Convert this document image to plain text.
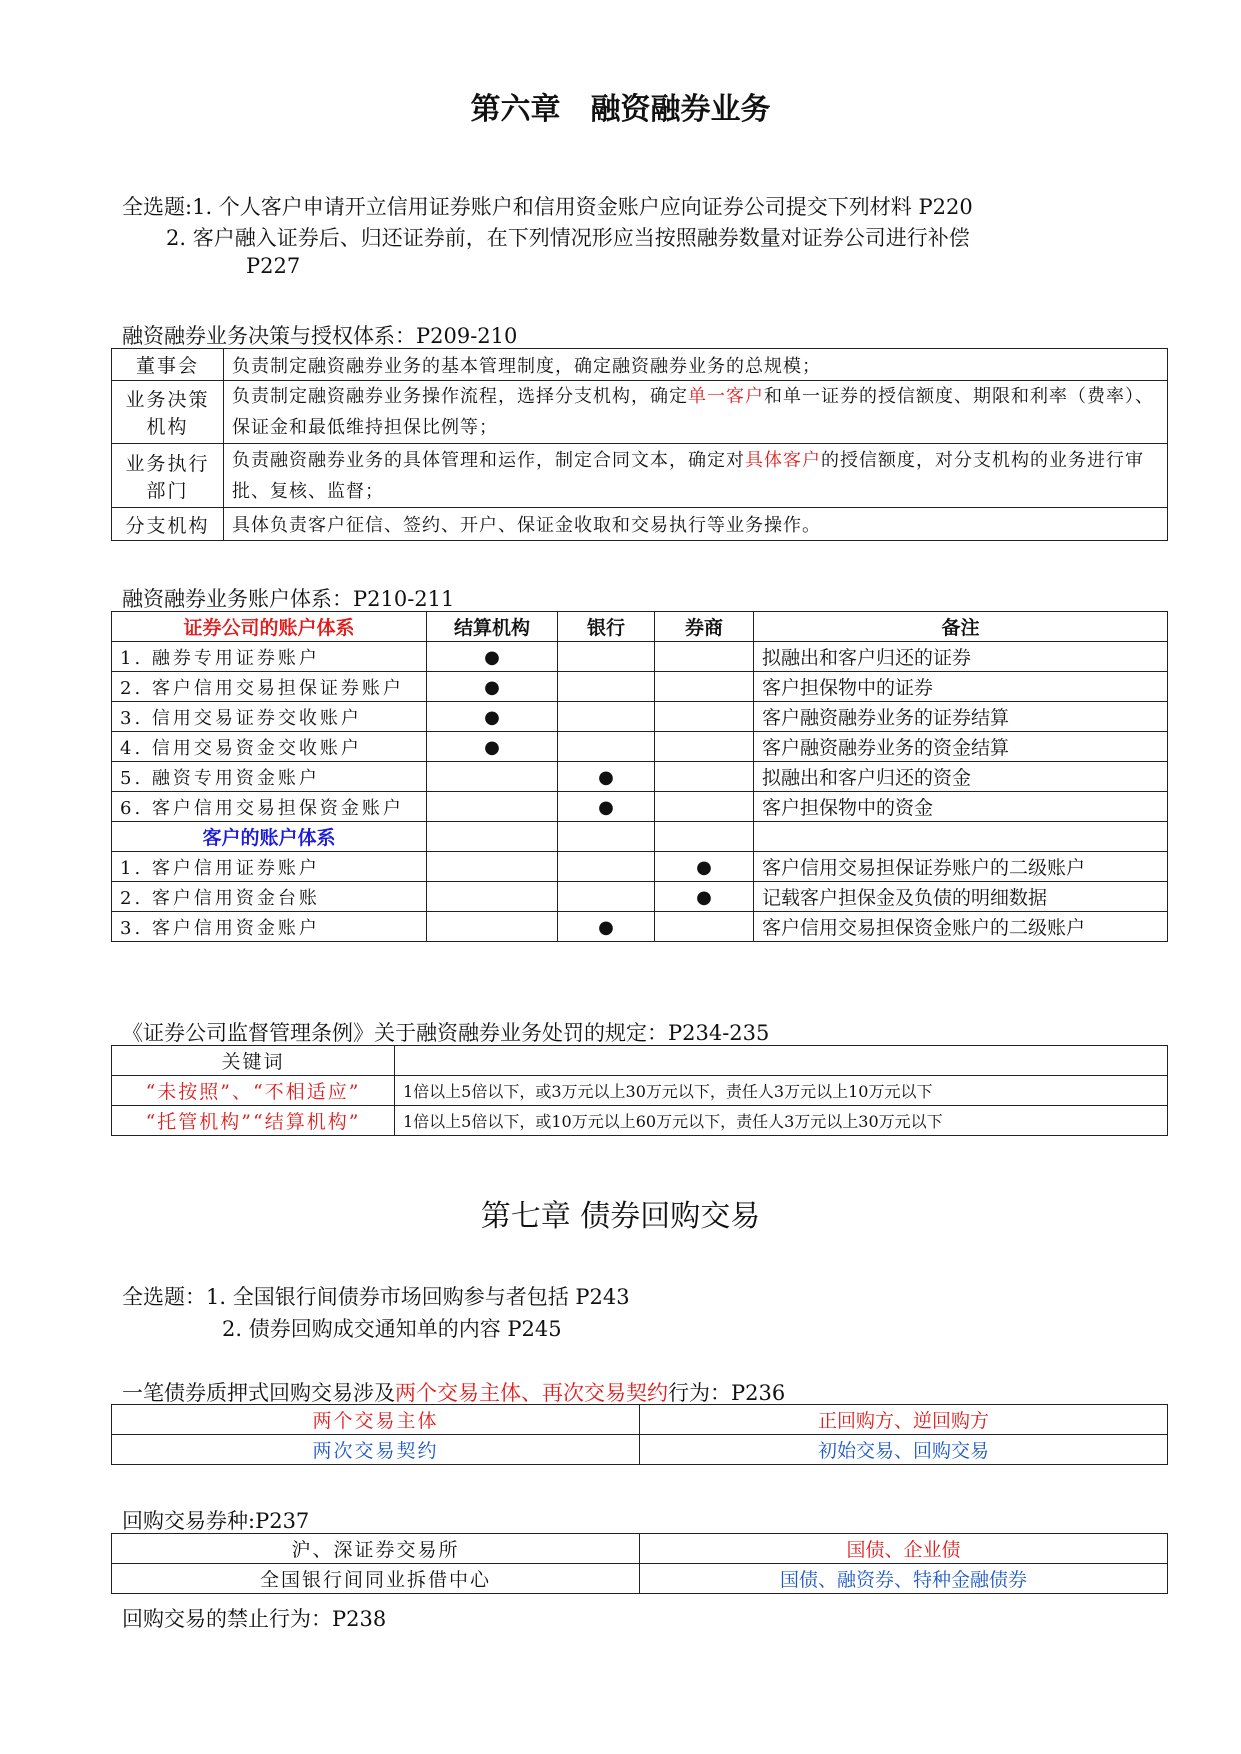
第六章　融资融券业务
全选题:1. 个人客户申请开立信用证券账户和信用资金账户应向证券公司提交下列材料 P220
2. 客户融入证券后、归还证券前，在下列情况形应当按照融券数量对证券公司进行补偿
P227
融资融券业务决策与授权体系：P209-210
董事会	负责制定融资融券业务的基本管理制度，确定融资融券业务的总规模；

业务决策
机构	负责制定融资融券业务操作流程，选择分支机构，确定单一客户和单一证券的授信额度、期限和利率（费率）、保证金和最低维持担保比例等；

业务执行
部门	负责融资融券业务的具体管理和运作，制定合同文本，确定对具体客户的授信额度，对分支机构的业务进行审批、复核、监督；
分支机构	具体负责客户征信、签约、开户、保证金收取和交易执行等业务操作。
融资融券业务账户体系：P210-211
证券公司的账户体系	结算机构	银行	券商	备注
1. 融券专用证券账户	●			拟融出和客户归还的证券
2. 客户信用交易担保证券账户	●			客户担保物中的证券
3. 信用交易证券交收账户	●			客户融资融券业务的证券结算
4. 信用交易资金交收账户	●			客户融资融券业务的资金结算
5. 融资专用资金账户		●		拟融出和客户归还的资金
6. 客户信用交易担保资金账户		●		客户担保物中的资金
客户的账户体系				
1. 客户信用证券账户			●	客户信用交易担保证券账户的二级账户
2. 客户信用资金台账			●	记载客户担保金及负债的明细数据
3. 客户信用资金账户		●		客户信用交易担保资金账户的二级账户
《证券公司监督管理条例》关于融资融券业务处罚的规定：P234-235
关键词	
“未按照”、“不相适应”	1倍以上5倍以下，或3万元以上30万元以下，责任人3万元以上10万元以下
“托管机构”“结算机构”	1倍以上5倍以下，或10万元以上60万元以下，责任人3万元以上30万元以下
第七章 债券回购交易
全选题：1. 全国银行间债券市场回购参与者包括 P243
2. 债券回购成交通知单的内容 P245
一笔债券质押式回购交易涉及两个交易主体、再次交易契约行为：P236
两个交易主体	正回购方、逆回购方
两次交易契约	初始交易、回购交易
回购交易券种:P237
沪、深证券交易所	国债、企业债
全国银行间同业拆借中心	国债、融资券、特种金融债券
回购交易的禁止行为：P238
